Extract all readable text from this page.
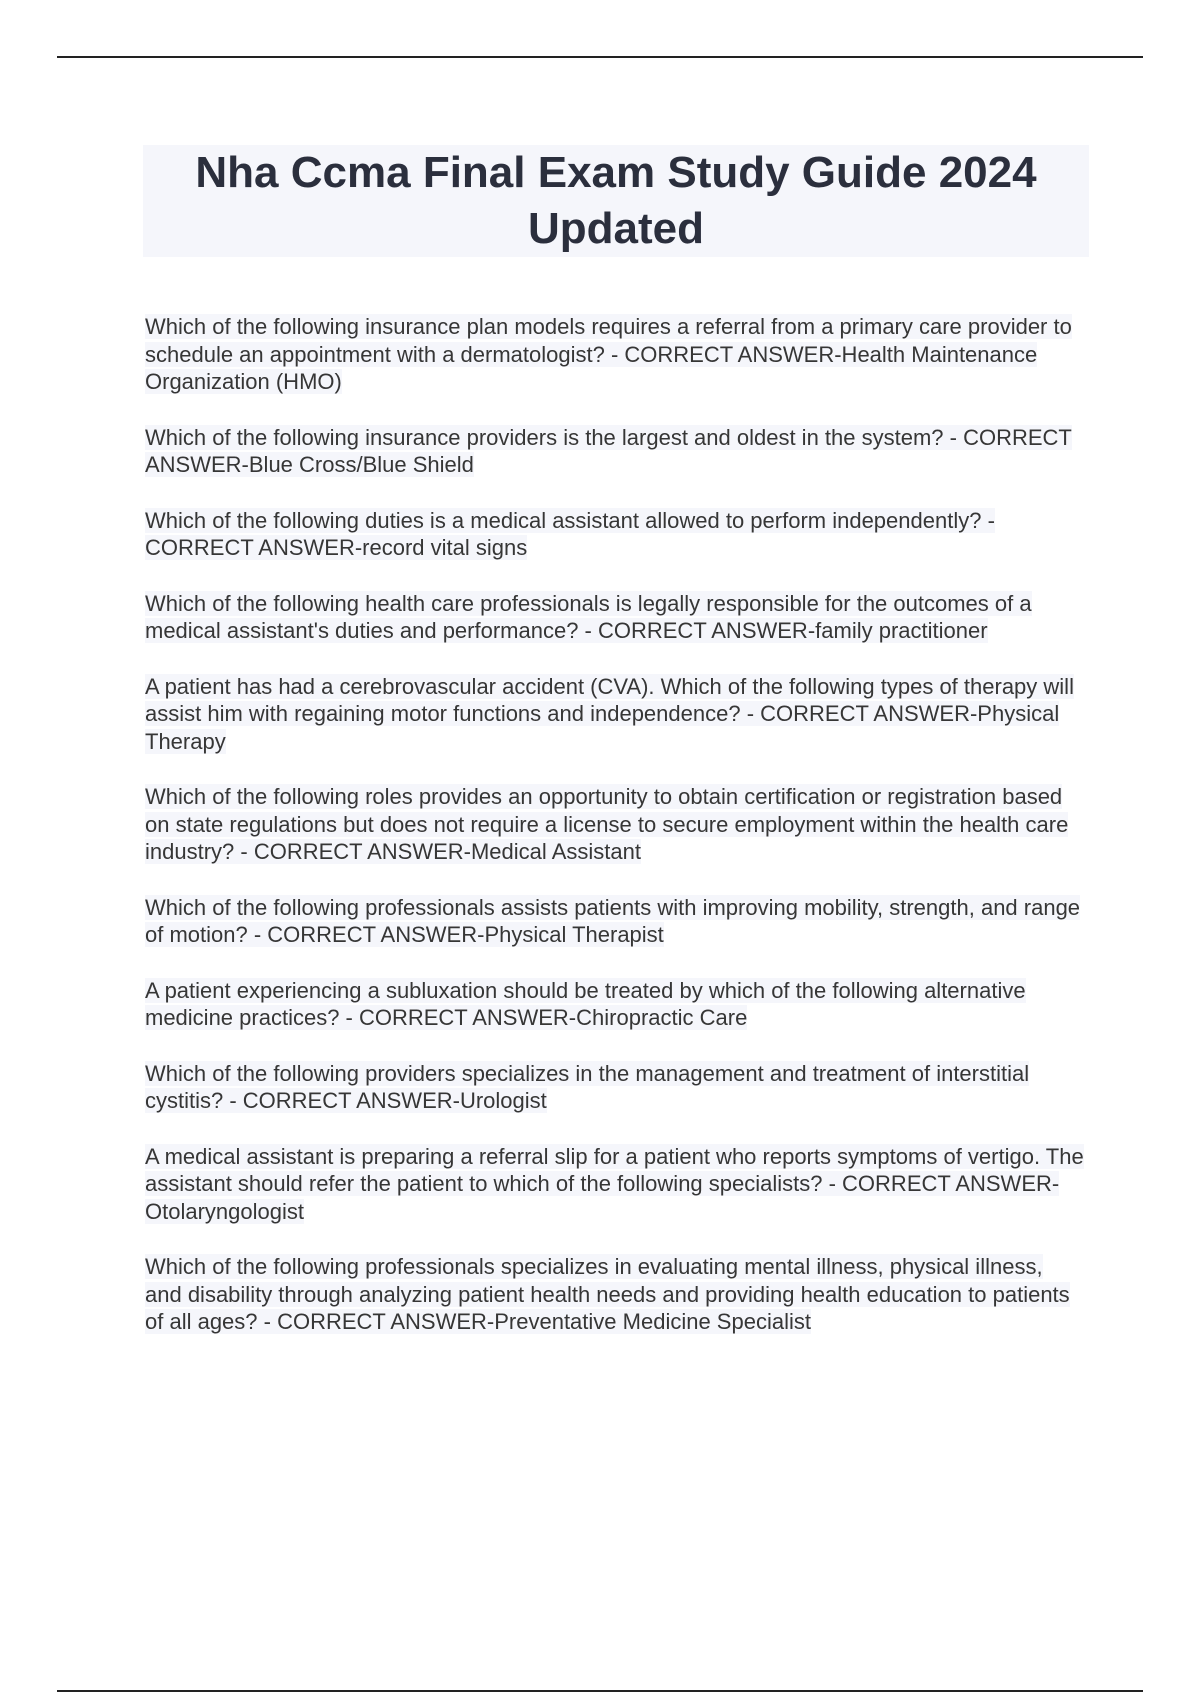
Nha Ccma Final Exam Study Guide 2024 Updated

Which of the following insurance plan models requires a referral from a primary care provider to schedule an appointment with a dermatologist? - CORRECT ANSWER-Health Maintenance Organization (HMO)

Which of the following insurance providers is the largest and oldest in the system? - CORRECT ANSWER-Blue Cross/Blue Shield

Which of the following duties is a medical assistant allowed to perform independently? - CORRECT ANSWER-record vital signs

Which of the following health care professionals is legally responsible for the outcomes of a medical assistant's duties and performance? - CORRECT ANSWER-family practitioner

A patient has had a cerebrovascular accident (CVA). Which of the following types of therapy will assist him with regaining motor functions and independence? - CORRECT ANSWER-Physical Therapy

Which of the following roles provides an opportunity to obtain certification or registration based on state regulations but does not require a license to secure employment within the health care industry? - CORRECT ANSWER-Medical Assistant

Which of the following professionals assists patients with improving mobility, strength, and range of motion? - CORRECT ANSWER-Physical Therapist

A patient experiencing a subluxation should be treated by which of the following alternative medicine practices? - CORRECT ANSWER-Chiropractic Care

Which of the following providers specializes in the management and treatment of interstitial cystitis? - CORRECT ANSWER-Urologist

A medical assistant is preparing a referral slip for a patient who reports symptoms of vertigo. The assistant should refer the patient to which of the following specialists? - CORRECT ANSWER-Otolaryngologist

Which of the following professionals specializes in evaluating mental illness, physical illness, and disability through analyzing patient health needs and providing health education to patients of all ages? - CORRECT ANSWER-Preventative Medicine Specialist
